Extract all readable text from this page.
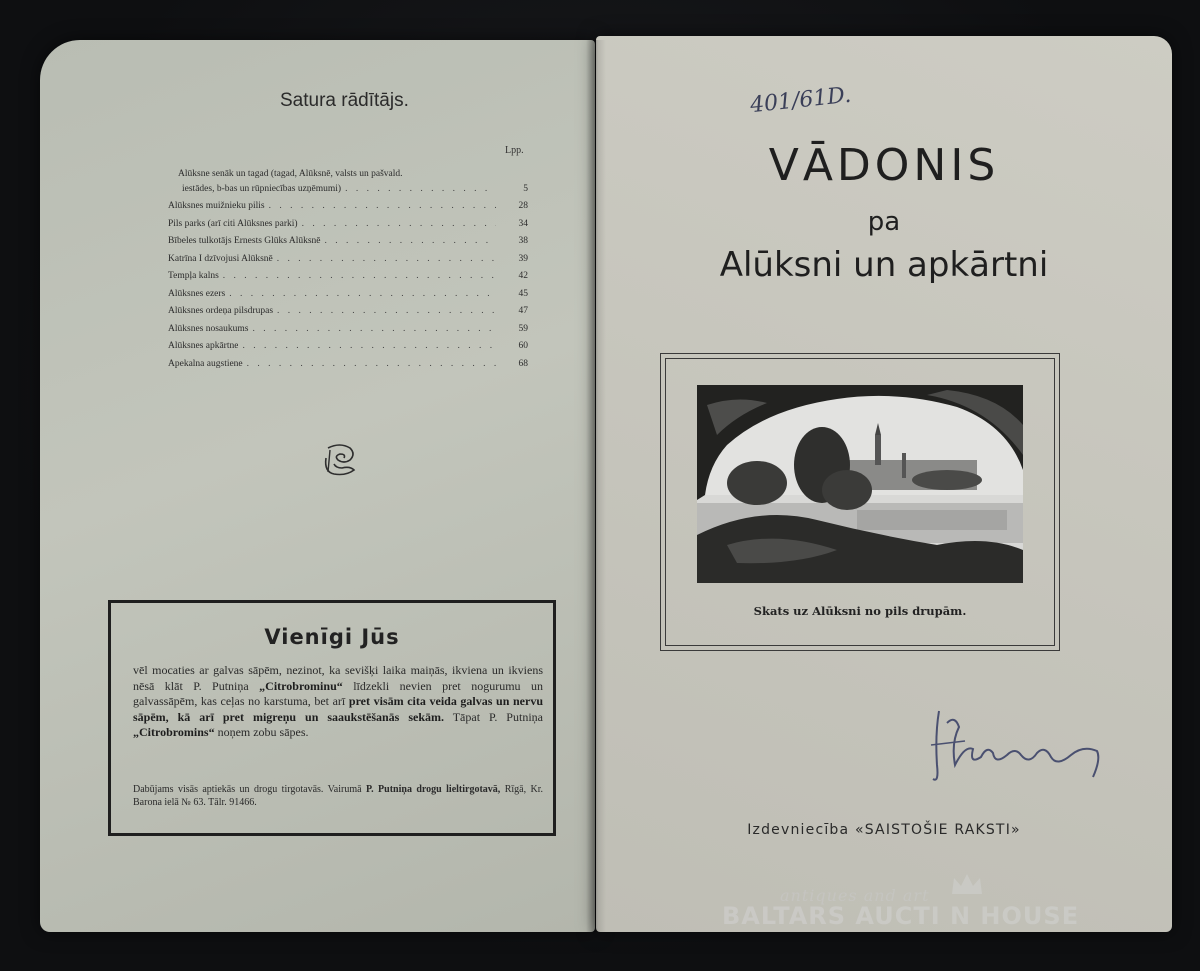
Satura rādītājs.
Lpp.
Alūksne senāk un tagad (tagad, Alūksnē, valsts un pašvald.
iestādes, b-bas un rūpniecības uzņēmumi) . . .	5
Alūksnes muižnieku pilis . . .	28
Pils parks (arī citi Alūksnes parki) . . .	34
Bībeles tulkotājs Ernests Glūks Alūksnē . . .	38
Katrīna I dzīvojusi Alūksnē . . .	39
Tempļa kalns . . .	42
Alūksnes ezers . . .	45
Alūksnes ordeņa pilsdrupas . . .	47
Alūksnes nosaukums . . .	59
Alūksnes apkārtne . . .	60
Apekalna augstiene . . .	68
Vienīgi Jūs
vēl mocaties ar galvas sāpēm, nezinot, ka sevišķi laika maiņās, ikviena un ikviens nēsā klāt P. Putniņa „Citrobrominu“ līdzekli nevien pret nogurumu un galvassāpēm, kas ceļas no karstuma, bet arī pret visām cita veida galvas un nervu sāpēm, kā arī pret migreņu un saaukstēšanās sekām. Tāpat P. Putniņa „Citrobromins“ noņem zobu sāpes.
Dabūjams visās aptiekās un drogu tirgotavās. Vairumā P. Putniņa drogu lieltirgotavā, Rīgā, Kr. Barona ielā № 63. Tālr. 91466.
401/61D.
VĀDONIS
pa
Alūksni un apkārtni
Skats uz Alūksni no pils drupām.
Izdevniecība «SAISTOŠIE RAKSTI»
antiques and art
BALTARS AUCTI N HOUSE
